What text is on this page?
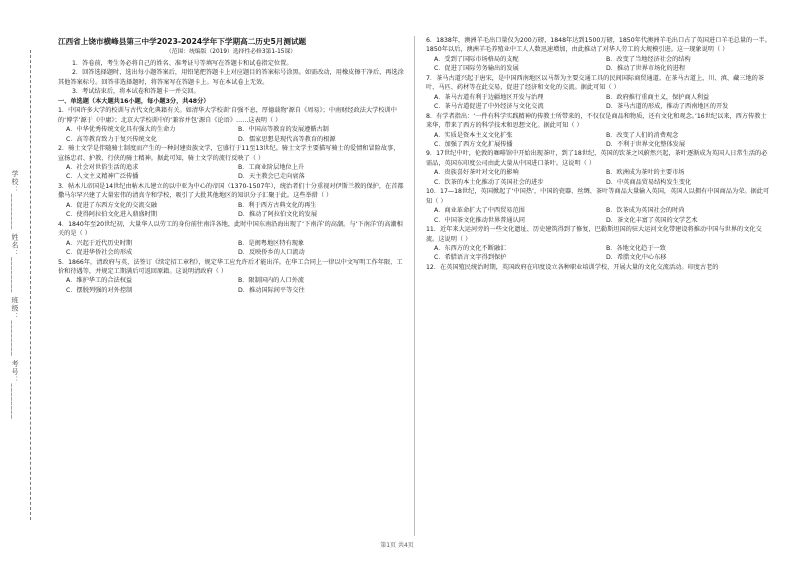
学校：________ 姓名：________ 班级：________ 考号：________
江西省上饶市横峰县第三中学2023-2024学年下学期高二历史5月测试题
（范围：统编版（2019）选择性必修3第1-15课）
1．答卷前，考生务必将自己的姓名、准考证号等填写在答题卡和试卷指定位置。
2．回答选择题时，选出每小题答案后，用铅笔把答题卡上对应题目的答案标号涂黑。如需改动，用橡皮擦干净后，再选涂其他答案标号。回答非选择题时，将答案写在答题卡上。写在本试卷上无效。
3．考试结束后，将本试卷和答题卡一并交回。
一、单选题（本大题共16小题，每小题3分，共48分）
1．中国许多大学的校训与古代文化典籍有关。如清华大学校训‘自强不息，厚德载物’源自《周易》；中南财经政法大学校训中的‘博学’源于《中庸》；北京大学校训中的‘兼容并包’源自《论语》……这表明（ ）
A．中华优秀传统文化具有强大的生命力	B．中国高等教育的发展遵循古制
C．高等教育致力于复兴传统文化	D．儒家思想是现代高等教育的根源
2．骑士文学是伴随骑士制度而产生的一种封建贵族文学，它盛行于11至13世纪。骑士文学主要描写骑士的爱情和冒险故事，宣扬忠君、护教、行侠的骑士精神。据此可知，骑士文学的流行反映了（ ）
A．社会对世俗生活的追求	B．工商业阶层地位上升
C．人文主义精神广泛传播	D．天主教会已走向衰落
3．帖木儿帝国是14世纪由帖木儿建立的以中亚为中心的帝国（1370-1507年），统治者们十分重视对伊斯兰教的保护，在首都撒马尔罕兴建了大量宏伟的清真寺和学校，吸引了大批其他地区的知识分子汇聚于此。这些举措（ ）
A．促进了东西方文化的交流交融	B．利于西方古典文化的再生
C．使得阿拉伯文化进入鼎盛时期	D．推动了阿拉伯文化的发展
4．1840年至20世纪初，大量华人以劳工的身份前往南洋各地，此时中国东南沿海出现了‘下南洋’的高潮。与‘下南洋’的高潮相关的是（ ）
A．兴起于近代历史时期	B．是闽粤地区特有现象
C．促进华侨社会的形成	D．反映侨乡的人口流动
5．1866年，清政府与英、法签订《续定招工章程》，规定华工应允许后才能出洋。在华工合同上一律以中文写明工作年限、工价和待遇等，并规定工期满后可返回原籍。这说明清政府（ ）
A．维护华工的合法权益	B．限制国内的人口外流
C．摆脱列强的对外控制	D．推动国际间平等交往
6．1838年，澳洲羊毛出口量仅为200万磅，1848年达到1500万磅，1850年代澳洲羊毛出口占了英国进口羊毛总量的一半。1850年以后，澳洲羊毛养殖业中工人人数迅速增加，由此推动了对华人劳工的大规模引进。这一现象说明（ ）
A．受到了国际市场格局的支配	B．改变了当地经济社会的结构
C．促进了国际劳务输出的发展	D．推动了世界市场化的进程
7．茶马古道兴起于唐宋，是中国西南地区以马帮为主要交通工具的民间国际商贸通道。在茶马古道上，川、滇、藏三地的茶叶、马匹、药材等在此交易，促进了经济和文化的交流。据此可知（ ）
A．茶马古道有利于边疆地区开发与治理	B．政府推行重商主义，保护商人利益
C．茶马古道促进了中外经济与文化交流	D．茶马古道的形成，推动了西南地区的开发
8．有学者指出：‘一件有科学实践精神的传教士所带来的，不仅仅是商品和物质，还有文化和观念。’16世纪以来，西方传教士来华，带来了西方的科学技术和思想文化。据此可知（ ）
A．实质是资本主义文化扩张	B．改变了人们的消费观念
C．加强了西方文化扩展传播	D．不利于世界文化整体发展
9．17世纪中叶，伦敦的咖啡馆中开始出现茶叶，到了18世纪，英国的饮茶之风蔚然兴起，茶叶逐渐成为英国人日常生活的必需品，英国东印度公司由此大量从中国进口茶叶。这说明（ ）
A．贵族喜好茶叶对文化的影响	B．欧洲成为茶叶的主要市场
C．饮茶的本土化推动了英国社会的进步	D．中英商品贸易结构发生变化
10．17—18世纪，英国掀起了‘中国热’，中国的瓷器、丝绸、茶叶等商品大量输入英国，英国人以拥有中国商品为荣。据此可知（ ）
A．商业革命扩大了中西贸易范围	B．饮茶成为英国社会的时尚
C．中国茶文化推动世界普通认同	D．茶文化丰富了英国的文学艺术
11．近年来大运河旁的一些文化遗址、历史建筑得到了修复，巴勒斯坦国的驻大运河文化带建设将推动中国与世界的文化交流。这说明（ ）
A．东西方的文化不断融汇	B．各地文化趋于一致
C．希腊语言文字得到保护	D．希腊文化中心东移
12．在英国殖民统治时期，英国政府在印度设立各种职业培训学校，开展大量的文化交流活动。印度古老的
第1页 共4页
